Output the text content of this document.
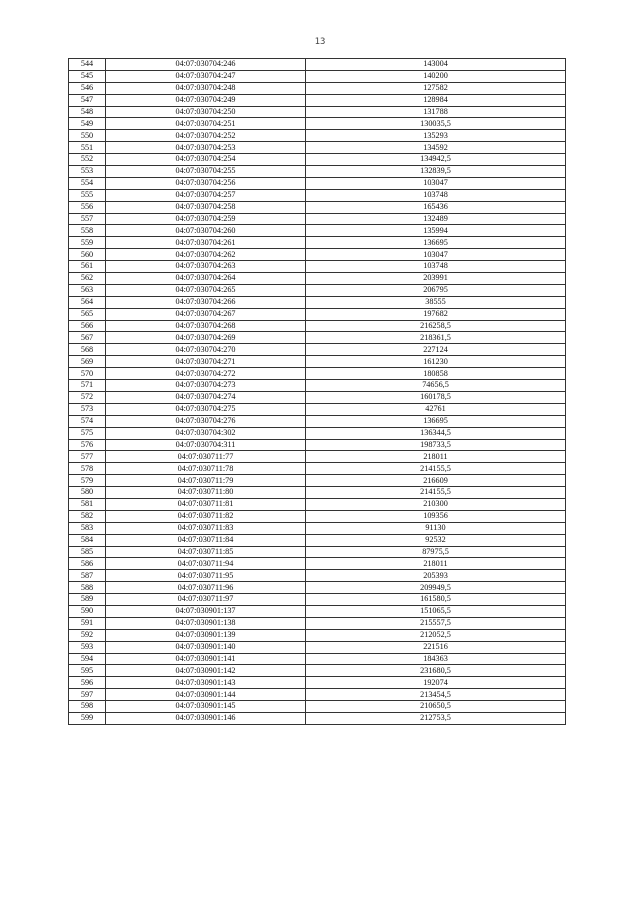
13
544	04:07:030704:246	143004
545	04:07:030704:247	140200
546	04:07:030704:248	127582
547	04:07:030704:249	128984
548	04:07:030704:250	131788
549	04:07:030704:251	130035,5
550	04:07:030704:252	135293
551	04:07:030704:253	134592
552	04:07:030704:254	134942,5
553	04:07:030704:255	132839,5
554	04:07:030704:256	103047
555	04:07:030704:257	103748
556	04:07:030704:258	165436
557	04:07:030704:259	132489
558	04:07:030704:260	135994
559	04:07:030704:261	136695
560	04:07:030704:262	103047
561	04:07:030704:263	103748
562	04:07:030704:264	203991
563	04:07:030704:265	206795
564	04:07:030704:266	38555
565	04:07:030704:267	197682
566	04:07:030704:268	216258,5
567	04:07:030704:269	218361,5
568	04:07:030704:270	227124
569	04:07:030704:271	161230
570	04:07:030704:272	180858
571	04:07:030704:273	74656,5
572	04:07:030704:274	160178,5
573	04:07:030704:275	42761
574	04:07:030704:276	136695
575	04:07:030704:302	136344,5
576	04:07:030704:311	198733,5
577	04:07:030711:77	218011
578	04:07:030711:78	214155,5
579	04:07:030711:79	216609
580	04:07:030711:80	214155,5
581	04:07:030711:81	210300
582	04:07:030711:82	109356
583	04:07:030711:83	91130
584	04:07:030711:84	92532
585	04:07:030711:85	87975,5
586	04:07:030711:94	218011
587	04:07:030711:95	205393
588	04:07:030711:96	209949,5
589	04:07:030711:97	161580,5
590	04:07:030901:137	151065,5
591	04:07:030901:138	215557,5
592	04:07:030901:139	212052,5
593	04:07:030901:140	221516
594	04:07:030901:141	184363
595	04:07:030901:142	231680,5
596	04:07:030901:143	192074
597	04:07:030901:144	213454,5
598	04:07:030901:145	210650,5
599	04:07:030901:146	212753,5
